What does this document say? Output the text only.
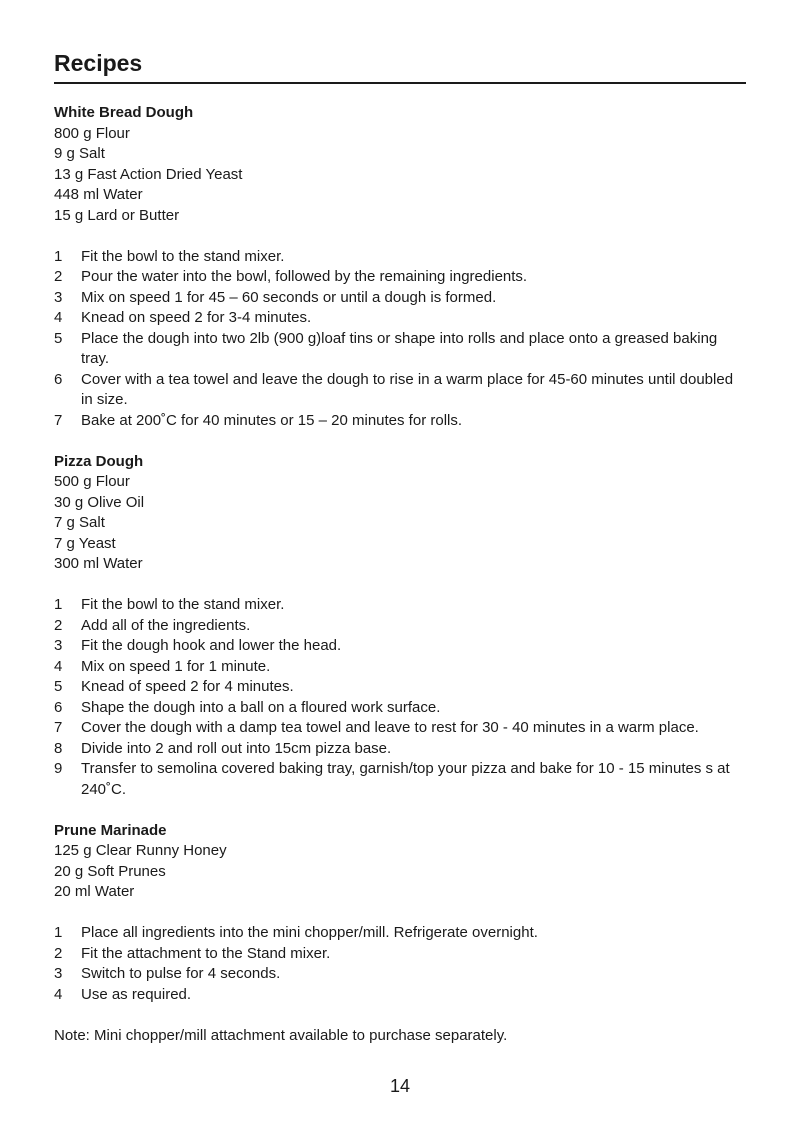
Recipes
White Bread Dough
800 g Flour
9 g Salt
13 g Fast Action Dried Yeast
448 ml Water
15 g Lard or Butter
1	Fit the bowl to the stand mixer.
2	Pour the water into the bowl, followed by the remaining ingredients.
3	Mix on speed 1 for 45 – 60 seconds or until a dough is formed.
4	Knead on speed 2 for 3-4 minutes.
5	Place the dough into two 2lb (900 g)loaf tins or shape into rolls and place onto a greased baking tray.
6	Cover with a tea towel and leave the dough to rise in a warm place for 45-60 minutes until doubled in size.
7	Bake at 200˚C for 40 minutes or 15 – 20 minutes for rolls.
Pizza Dough
500 g Flour
30 g Olive Oil
7 g Salt
7 g Yeast
300 ml Water
1	Fit the bowl to the stand mixer.
2	Add all of the ingredients.
3	Fit the dough hook and lower the head.
4	Mix on speed 1 for 1 minute.
5	Knead of speed 2 for 4 minutes.
6	Shape the dough into a ball on a floured work surface.
7	Cover the dough with a damp tea towel and leave to rest for 30 - 40 minutes in a warm place.
8	Divide into 2 and roll out into 15cm pizza base.
9	Transfer to semolina covered baking tray, garnish/top your pizza and bake for 10 - 15 minutes s at 240˚C.
Prune Marinade
125 g Clear Runny Honey
20 g Soft Prunes
20 ml Water
1	Place all ingredients into the mini chopper/mill. Refrigerate overnight.
2	Fit the attachment to the Stand mixer.
3	Switch to pulse for 4 seconds.
4	Use as required.

Note: Mini chopper/mill attachment available to purchase separately.

14
